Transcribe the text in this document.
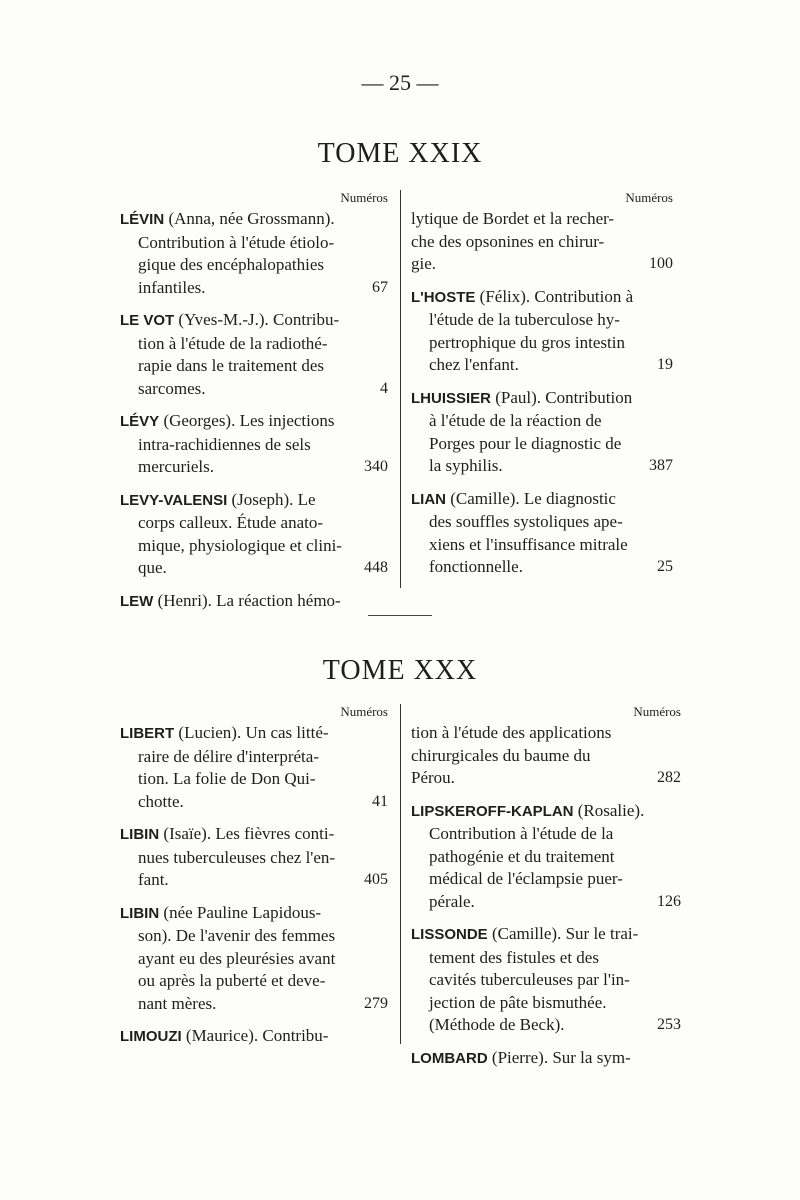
— 25 —
TOME XXIX
Numéros
LÉVIN (Anna, née Grossmann).
Contribution à l'étude étiolo-
gique des encéphalopathies
infantiles.	67
LE VOT (Yves-M.-J.). Contribu-
tion à l'étude de la radiothé-
rapie dans le traitement des
sarcomes.	4
LÉVY (Georges). Les injections
intra-rachidiennes de sels
mercuriels.	340
LEVY-VALENSI (Joseph). Le
corps calleux. Étude anato-
mique, physiologique et clini-
que.	448
LEW (Henri). La réaction hémo-
Numéros
lytique de Bordet et la recher-
che des opsonines en chirur-
gie.	100
L'HOSTE (Félix). Contribution à
l'étude de la tuberculose hy-
pertrophique du gros intestin
chez l'enfant.	19
LHUISSIER (Paul). Contribution
à l'étude de la réaction de
Porges pour le diagnostic de
la syphilis.	387
LIAN (Camille). Le diagnostic
des souffles systoliques ape-
xiens et l'insuffisance mitrale
fonctionnelle.	25
TOME XXX
Numéros
LIBERT (Lucien). Un cas litté-
raire de délire d'interpréta-
tion. La folie de Don Qui-
chotte.	41
LIBIN (Isaïe). Les fièvres conti-
nues tuberculeuses chez l'en-
fant.	405
LIBIN (née Pauline Lapidous-
son). De l'avenir des femmes
ayant eu des pleurésies avant
ou après la puberté et deve-
nant mères.	279
LIMOUZI (Maurice). Contribu-
Numéros
tion à l'étude des applications
chirurgicales du baume du
Pérou.	282
LIPSKEROFF-KAPLAN (Rosalie).
Contribution à l'étude de la
pathogénie et du traitement
médical de l'éclampsie puer-
pérale.	126
LISSONDE (Camille). Sur le trai-
tement des fistules et des
cavités tuberculeuses par l'in-
jection de pâte bismuthée.
(Méthode de Beck).	253
LOMBARD (Pierre). Sur la sym-
